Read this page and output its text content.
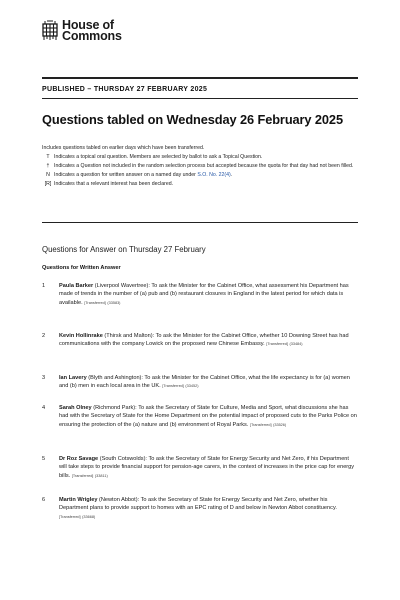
House of
Commons
PUBLISHED – THURSDAY 27 FEBRUARY 2025
Questions tabled on Wednesday 26 February 2025
Includes questions tabled on earlier days which have been transferred.
T Indicates a topical oral question. Members are selected by ballot to ask a Topical Question.
† Indicates a Question not included in the random selection process but accepted because the quota for that day had not been filled.
N Indicates a question for written answer on a named day under S.O. No. 22(4).
[R] Indicates that a relevant interest has been declared.
Questions for Answer on Thursday 27 February
Questions for Written Answer
1	Paula Barker (Liverpool Wavertree): To ask the Minister for the Cabinet Office, what assessment his Department has made of trends in the number of (a) pub and (b) restaurant closures in England in the latest period for which data is available. [Transferred] (33583)
2	Kevin Hollinrake (Thirsk and Malton): To ask the Minister for the Cabinet Office, whether 10 Downing Street has had communications with the company Lowick on the proposed new Chinese Embassy. [Transferred] (33484)
3	Ian Lavery (Blyth and Ashington): To ask the Minister for the Cabinet Office, what the life expectancy is for (a) women and (b) men in each local area in the UK. [Transferred] (33452)
4	Sarah Olney (Richmond Park): To ask the Secretary of State for Culture, Media and Sport, what discussions she has had with the Secretary of State for the Home Department on the potential impact of proposed cuts to the Parks Police on ensuring the protection of the (a) nature and (b) environment of Royal Parks. [Transferred] (33526)
5	Dr Roz Savage (South Cotswolds): To ask the Secretary of State for Energy Security and Net Zero, if his Department will take steps to provide financial support for pension-age carers, in the context of increases in the price cap for energy bills. [Transferred] (33811)
6	Martin Wrigley (Newton Abbot): To ask the Secretary of State for Energy Security and Net Zero, whether his Department plans to provide support to homes with an EPC rating of D and below in Newton Abbot constituency. [Transferred] (33668)
